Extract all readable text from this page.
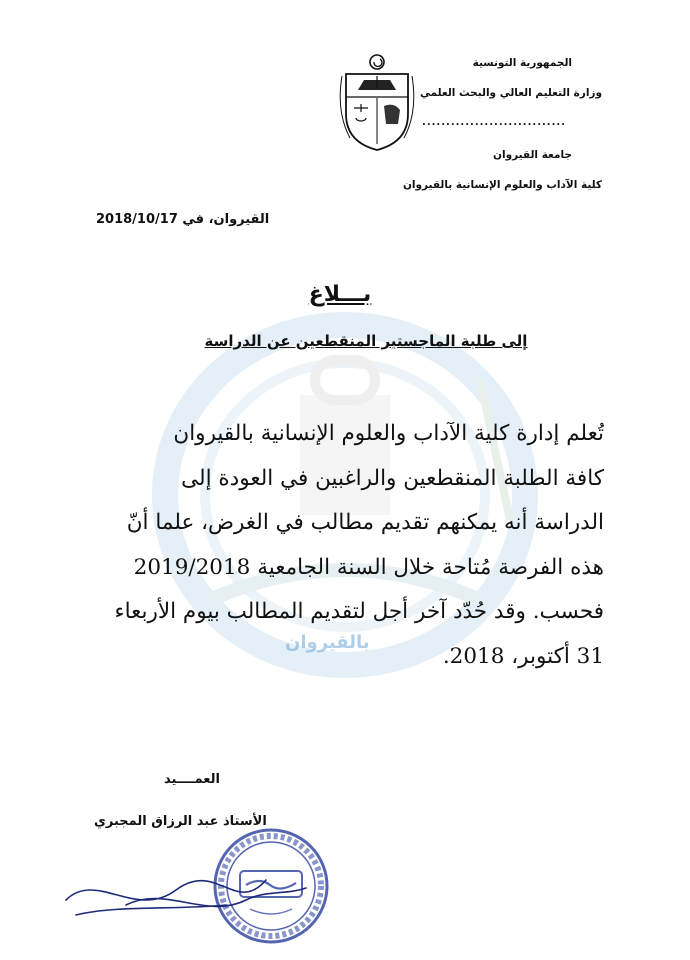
بالقيروان
الجمهورية التونسية
وزارة التعليم العالي والبحث العلمي
..............................
جامعة القيروان
كلية الآداب والعلوم الإنسانية بالقيروان
القيروان، في 2018/10/17
بـــلاغ
إلى طلبة الماجستير المنقطعين عن الدراسة
تُعلم إدارة كلية الآداب والعلوم الإنسانية بالقيروان
كافة الطلبة المنقطعين والراغبين في العودة إلى
الدراسة أنه يمكنهم تقديم مطالب في الغرض، علما أنّ
هذه الفرصة مُتاحة خلال السنة الجامعية 2019/2018
فحسب. وقد حُدّد آخر أجل لتقديم المطالب بيوم الأربعاء
31 أكتوبر، 2018.
العمــــيد
الأستاذ عبد الرزاق المجبري
